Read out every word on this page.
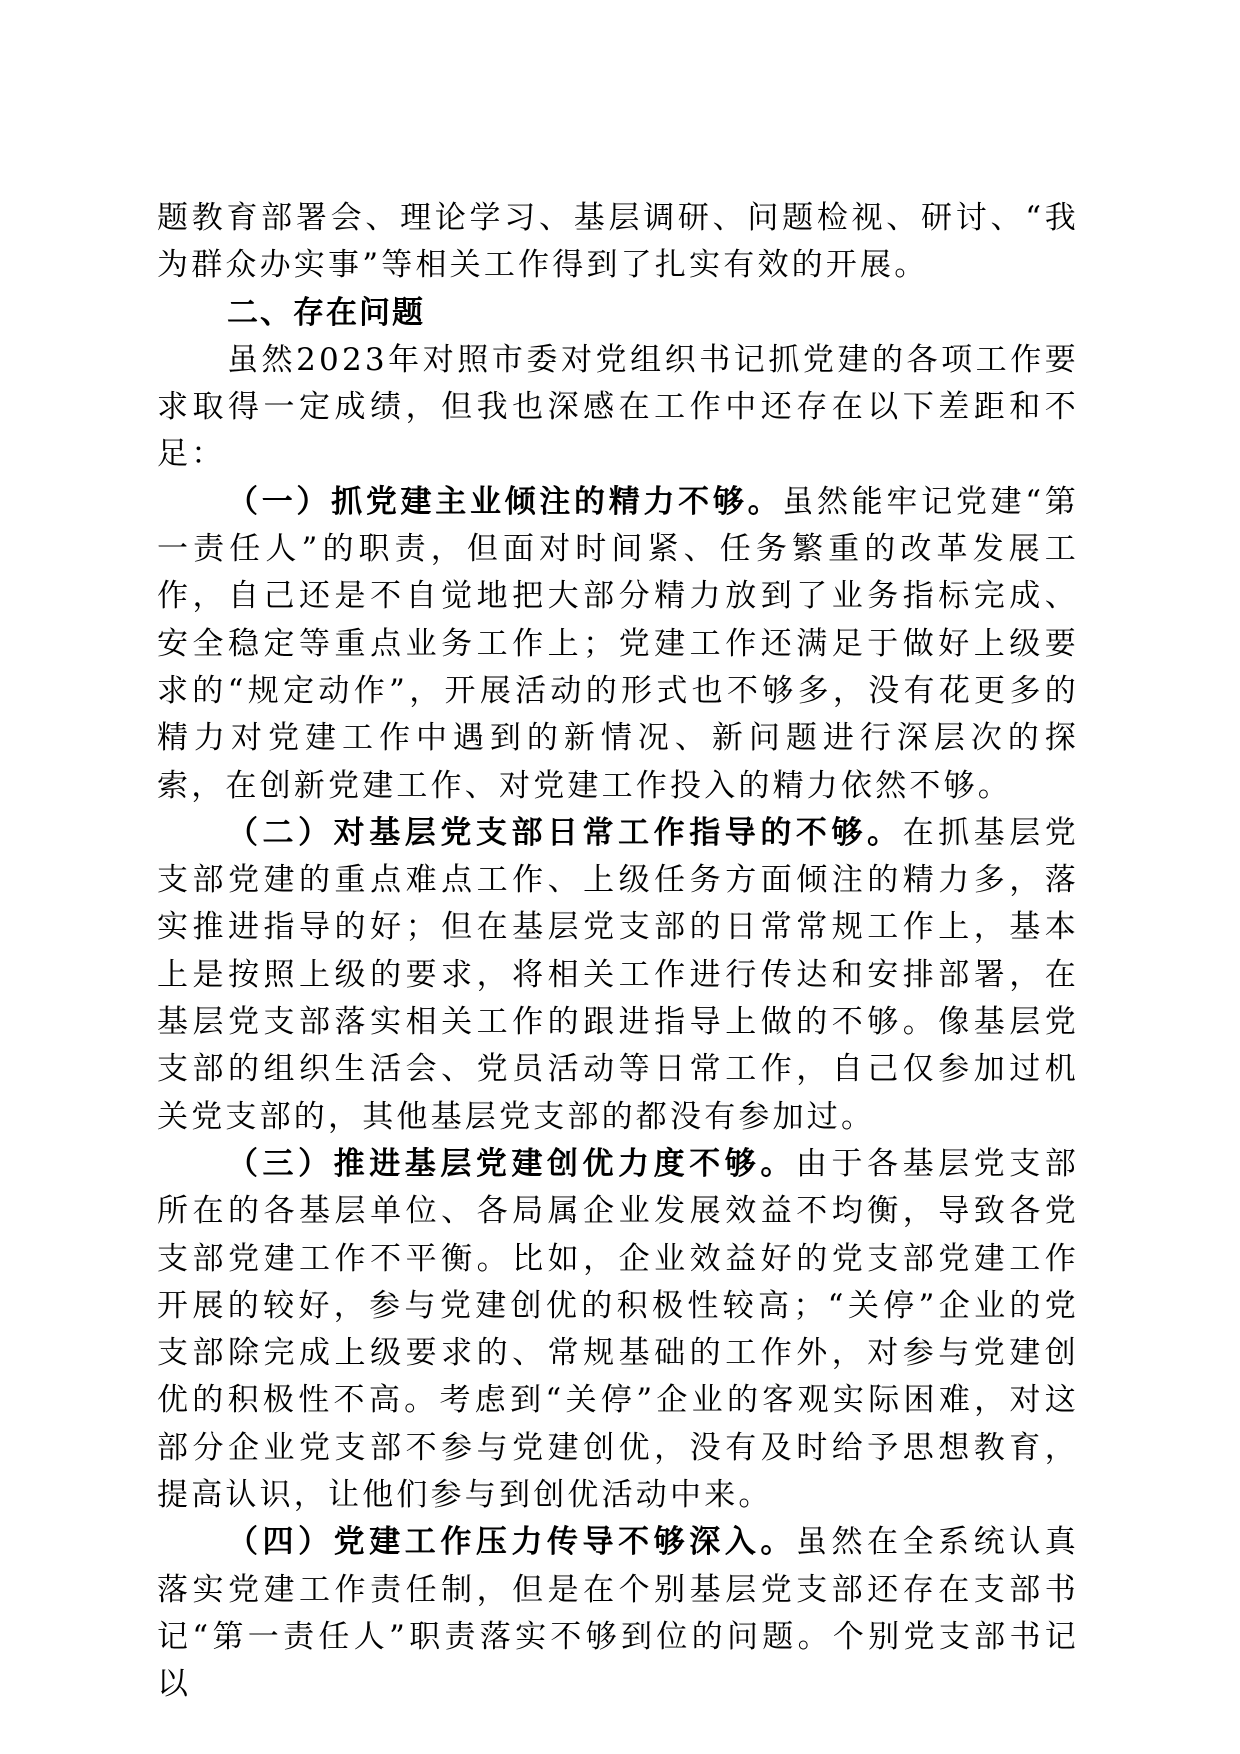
题教育部署会、理论学习、基层调研、问题检视、研讨、“我为群众办实事”等相关工作得到了扎实有效的开展。

二、存在问题

虽然2023年对照市委对党组织书记抓党建的各项工作要求取得一定成绩，但我也深感在工作中还存在以下差距和不足：

（一）抓党建主业倾注的精力不够。虽然能牢记党建“第一责任人”的职责，但面对时间紧、任务繁重的改革发展工作，自己还是不自觉地把大部分精力放到了业务指标完成、安全稳定等重点业务工作上；党建工作还满足于做好上级要求的“规定动作”，开展活动的形式也不够多，没有花更多的精力对党建工作中遇到的新情况、新问题进行深层次的探索，在创新党建工作、对党建工作投入的精力依然不够。

（二）对基层党支部日常工作指导的不够。在抓基层党支部党建的重点难点工作、上级任务方面倾注的精力多，落实推进指导的好；但在基层党支部的日常常规工作上，基本上是按照上级的要求，将相关工作进行传达和安排部署，在基层党支部落实相关工作的跟进指导上做的不够。像基层党支部的组织生活会、党员活动等日常工作，自己仅参加过机关党支部的，其他基层党支部的都没有参加过。

（三）推进基层党建创优力度不够。由于各基层党支部所在的各基层单位、各局属企业发展效益不均衡，导致各党支部党建工作不平衡。比如，企业效益好的党支部党建工作开展的较好，参与党建创优的积极性较高；“关停”企业的党支部除完成上级要求的、常规基础的工作外，对参与党建创优的积极性不高。考虑到“关停”企业的客观实际困难，对这部分企业党支部不参与党建创优，没有及时给予思想教育，提高认识，让他们参与到创优活动中来。

（四）党建工作压力传导不够深入。虽然在全系统认真落实党建工作责任制，但是在个别基层党支部还存在支部书记“第一责任人”职责落实不够到位的问题。个别党支部书记以
